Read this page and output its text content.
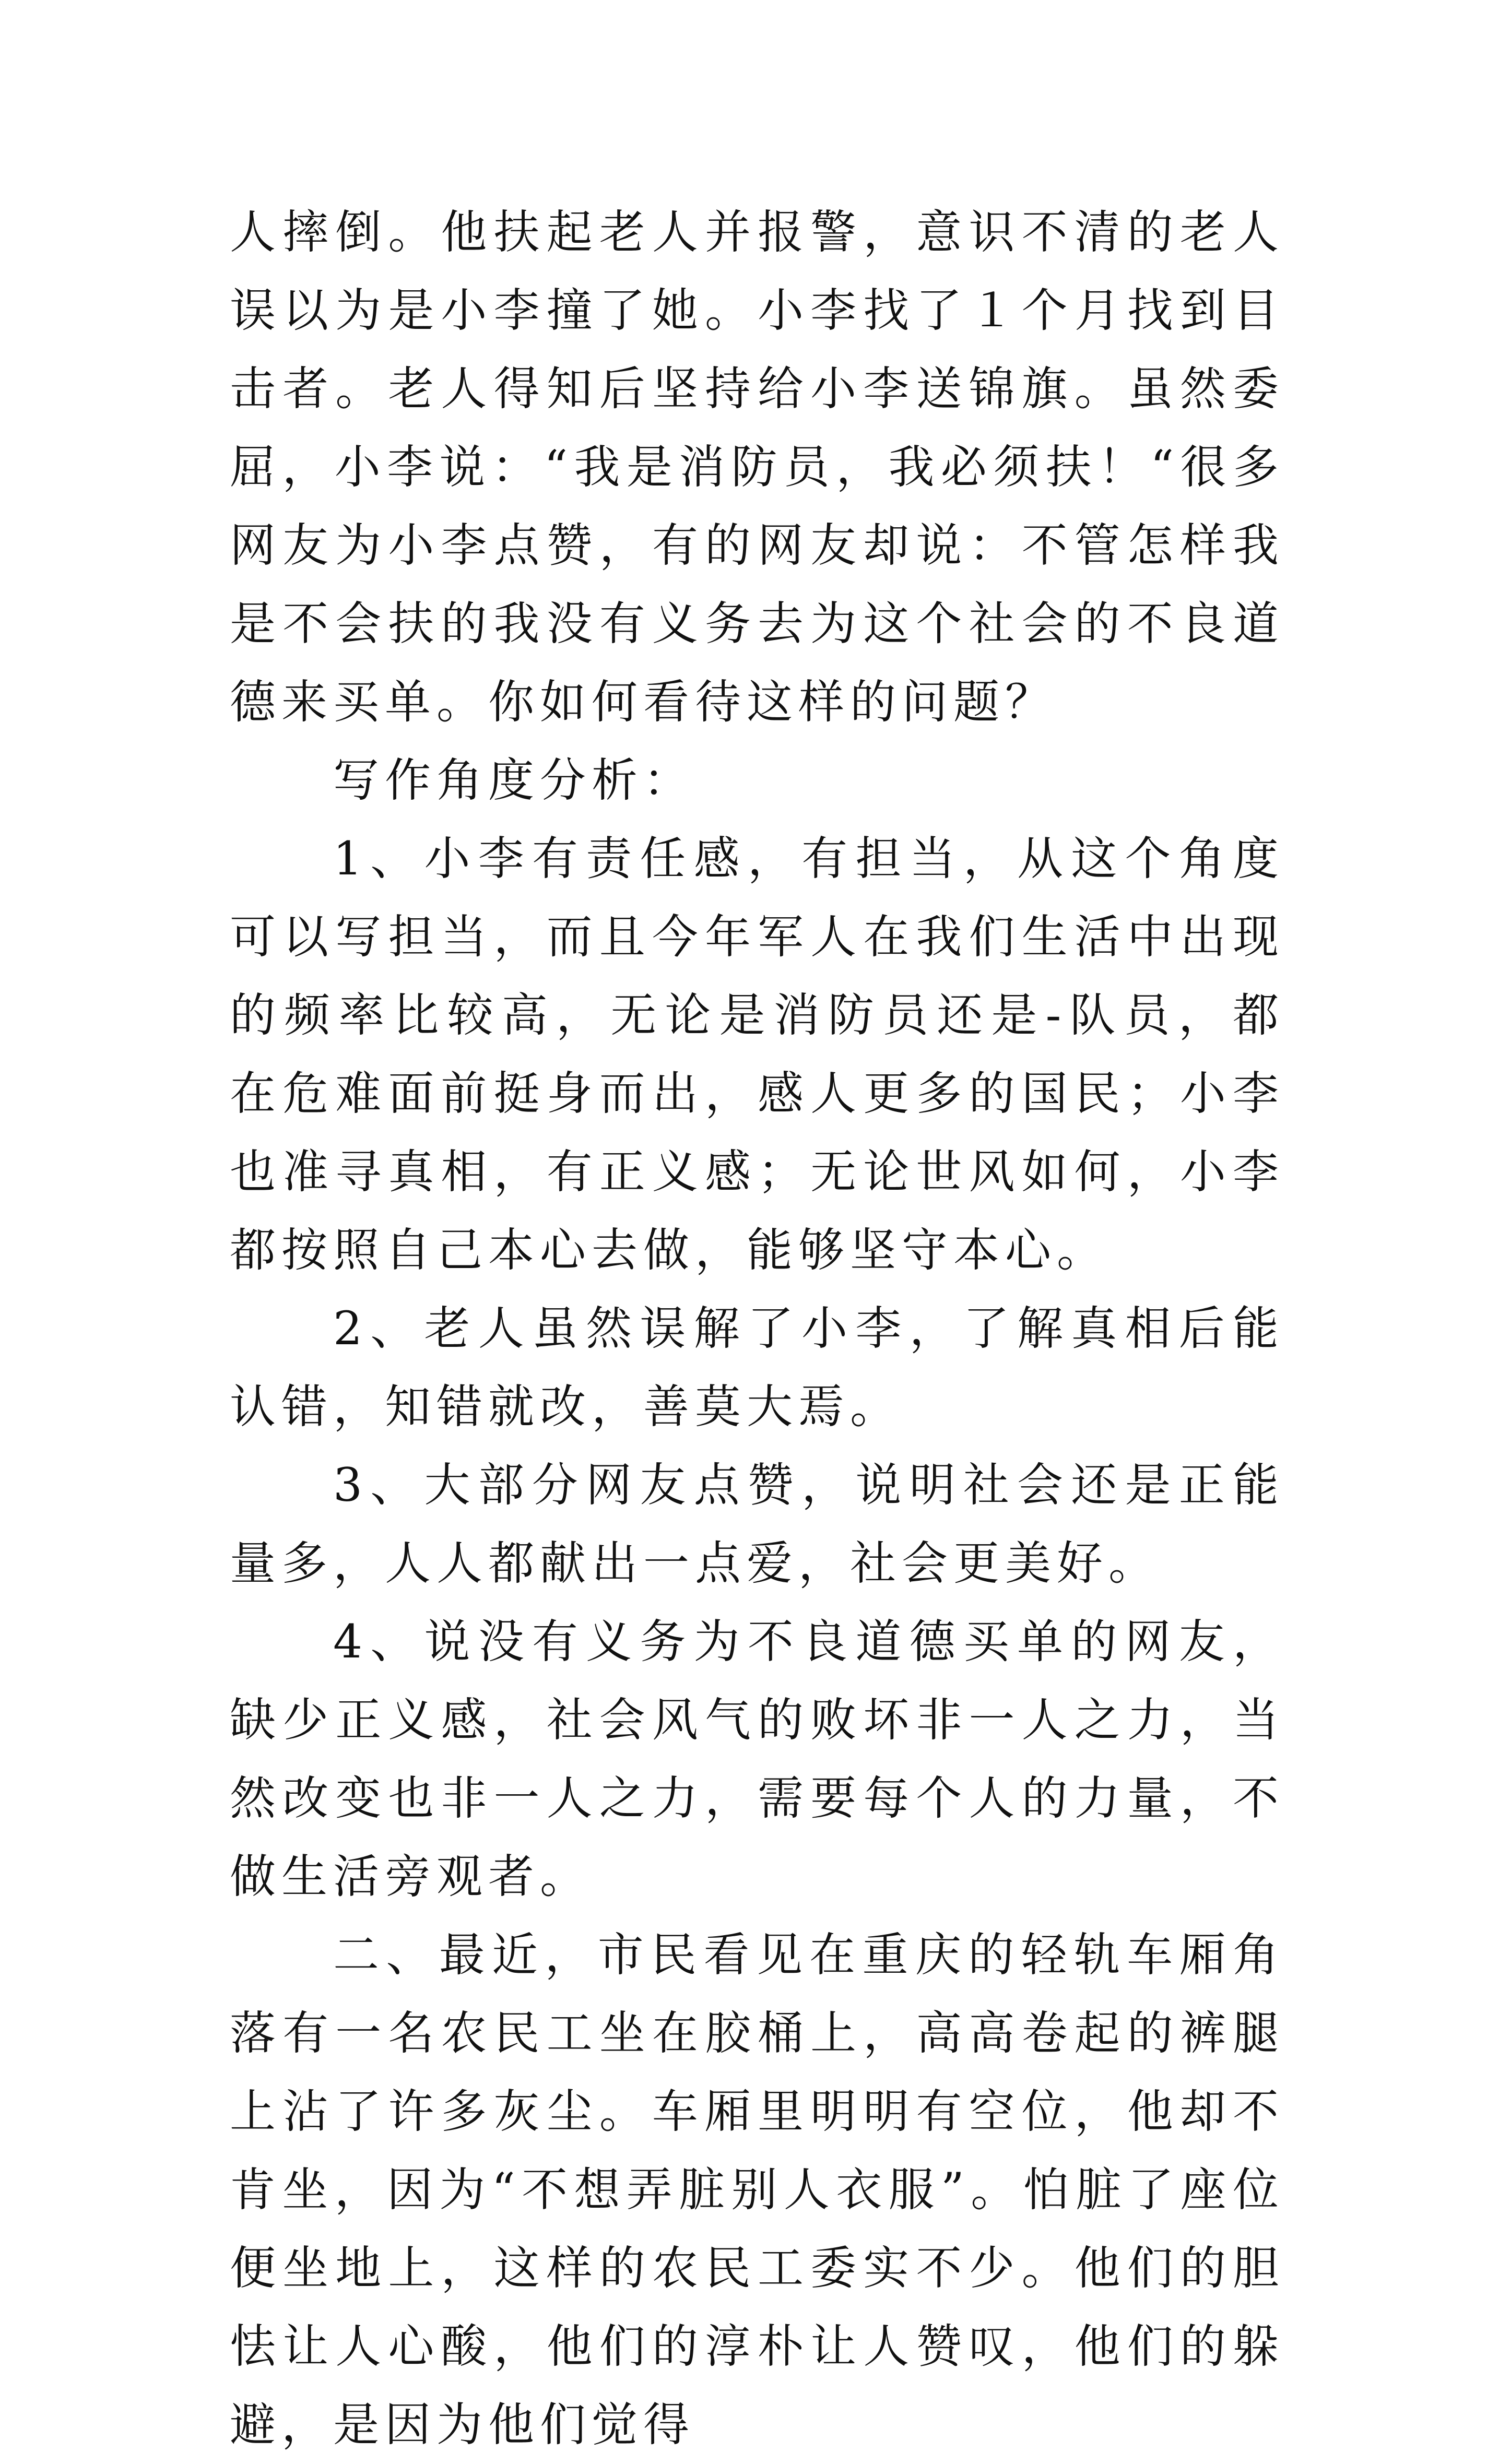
人摔倒。他扶起老人并报警，意识不清的老人误以为是小李撞了她。小李找了１个月找到目击者。老人得知后坚持给小李送锦旗。虽然委屈，小李说：“我是消防员，我必须扶！“很多网友为小李点赞，有的网友却说：不管怎样我是不会扶的我没有义务去为这个社会的不良道德来买单。你如何看待这样的问题？

写作角度分析：

1、小李有责任感，有担当，从这个角度可以写担当，而且今年军人在我们生活中出现的频率比较高，无论是消防员还是-队员，都在危难面前挺身而出，感人更多的国民；小李也准寻真相，有正义感；无论世风如何，小李都按照自己本心去做，能够坚守本心。

2、老人虽然误解了小李，了解真相后能认错，知错就改，善莫大焉。

3、大部分网友点赞，说明社会还是正能量多，人人都献出一点爱，社会更美好。

4、说没有义务为不良道德买单的网友，缺少正义感，社会风气的败坏非一人之力，当然改变也非一人之力，需要每个人的力量，不做生活旁观者。

二、最近，市民看见在重庆的轻轨车厢角落有一名农民工坐在胶桶上，高高卷起的裤腿上沾了许多灰尘。车厢里明明有空位，他却不肯坐，因为“不想弄脏别人衣服”。怕脏了座位便坐地上，这样的农民工委实不少。他们的胆怯让人心酸，他们的淳朴让人赞叹，他们的躲避，是因为他们觉得
